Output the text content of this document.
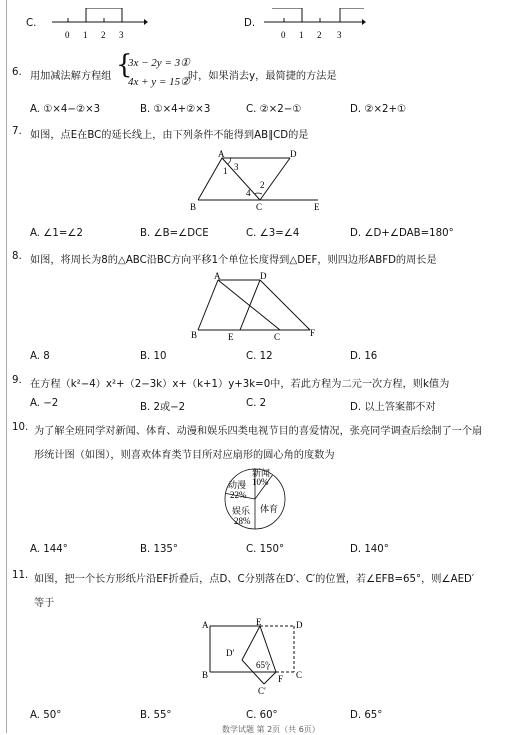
C.
0 1 2 3
D.
0 1 2 3
6. 用加减法解方程组 {
3x − 2y = 3①
4x + y = 15②
时，如果消去y，最简捷的方法是
A. ①×4−②×3	B. ①×4+②×3	C. ②×2−①	D. ②×2+①
7. 如图，点E在BC的延长线上，由下列条件不能得到AB∥CD的是
A	D
B	C	E
1 3
2
4
A. ∠1=∠2	B. ∠B=∠DCE	C. ∠3=∠4	D. ∠D+∠DAB=180°
8. 如图，将周长为8的△ABC沿BC方向平移1个单位长度得到△DEF，则四边形ABFD的周长是
A	D
B	E	C	F
A. 8	B. 10	C. 12	D. 16
9. 在方程（k²−4）x²+（2−3k）x+（k+1）y+3k=0中，若此方程为二元一次方程，则k值为
A. −2	B. 2或−2	C. 2	D. 以上答案都不对
10. 为了解全班同学对新闻、体育、动漫和娱乐四类电视节目的喜爱情况，张亮同学调查后绘制了一个扇
形统计图（如图），则喜欢体育类节目所对应扇形的圆心角的度数为
新闻
10%
动漫
22%
娱乐
28%
体育
A. 144°	B. 135°	C. 150°	D. 140°
11. 如图，把一个长方形纸片沿EF折叠后，点D、C分别落在D′、C′的位置，若∠EFB=65°，则∠AED′
等于
A	E	D
D′
65°
B	F C
C′
A. 50°	B. 55°	C. 60°	D. 65°
数学试题 第 2页（共 6页）
